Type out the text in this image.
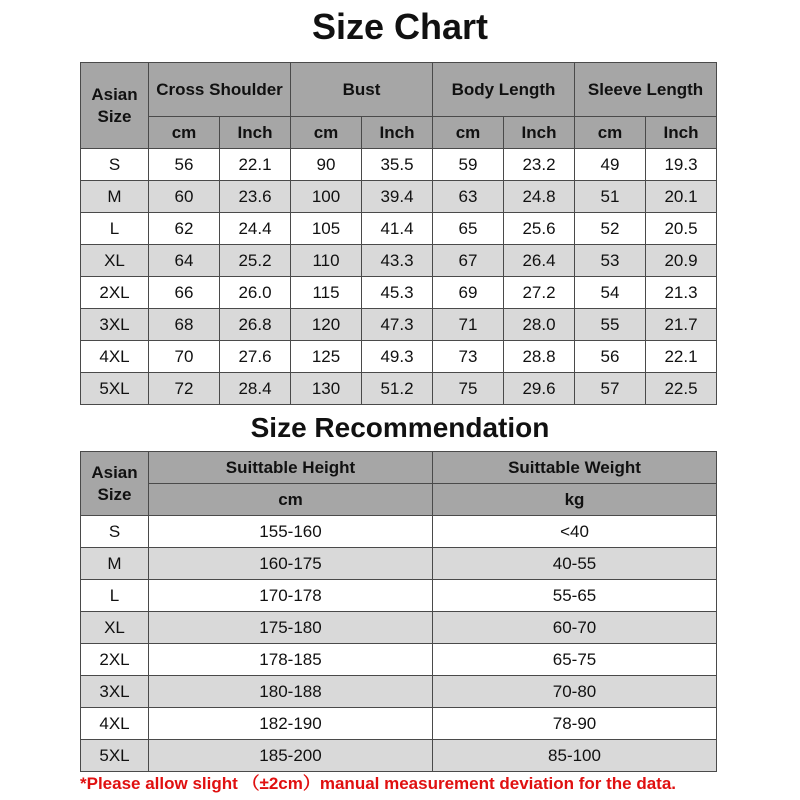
Size Chart
Asian Size	Cross Shoulder		Bust		Body Length		Sleeve Length	
	cm	Inch	cm	Inch	cm	Inch	cm	Inch
S	56	22.1	90	35.5	59	23.2	49	19.3
M	60	23.6	100	39.4	63	24.8	51	20.1
L	62	24.4	105	41.4	65	25.6	52	20.5
XL	64	25.2	110	43.3	67	26.4	53	20.9
2XL	66	26.0	115	45.3	69	27.2	54	21.3
3XL	68	26.8	120	47.3	71	28.0	55	21.7
4XL	70	27.6	125	49.3	73	28.8	56	22.1
5XL	72	28.4	130	51.2	75	29.6	57	22.5
Size Recommendation
Asian Size	Suittable Height	Suittable Weight
	cm	kg
S	155-160	<40
M	160-175	40-55
L	170-178	55-65
XL	175-180	60-70
2XL	178-185	65-75
3XL	180-188	70-80
4XL	182-190	78-90
5XL	185-200	85-100
*Please allow slight （±2cm）manual measurement deviation for the data.
